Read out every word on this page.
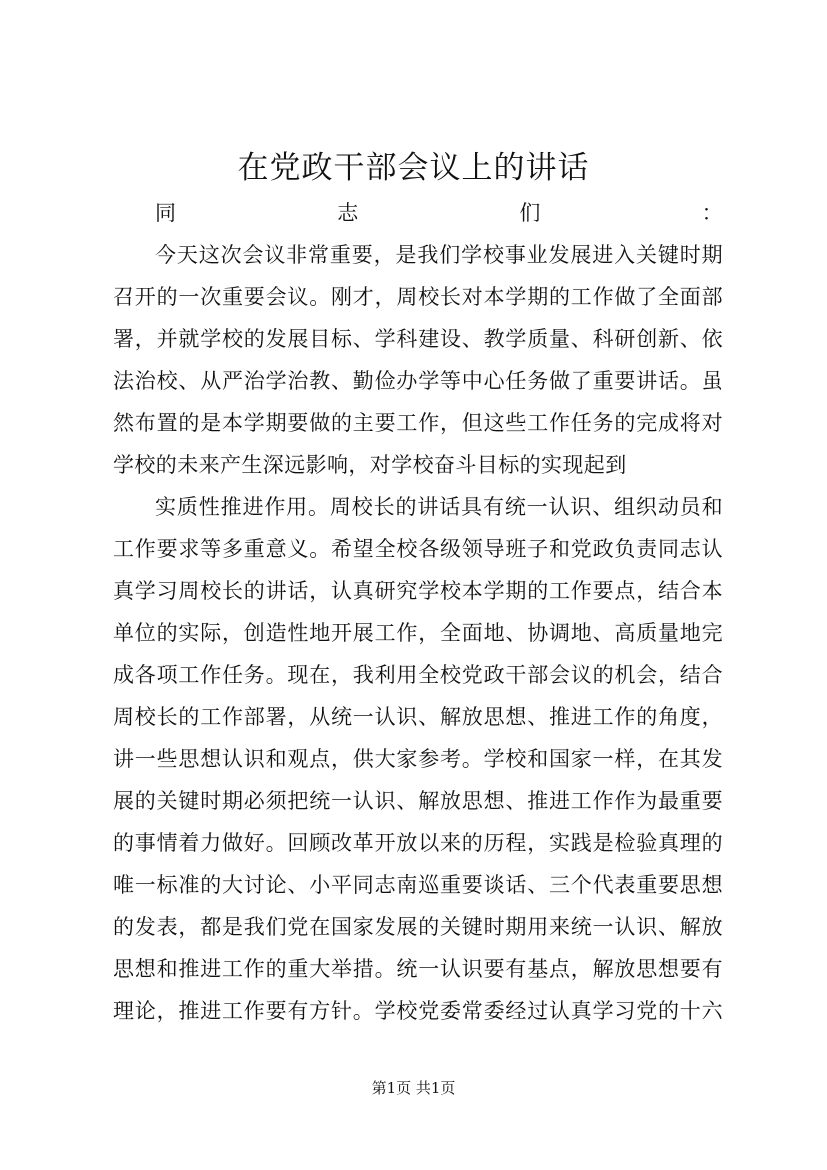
在党政干部会议上的讲话
同志们：
今天这次会议非常重要，是我们学校事业发展进入关键时期
召开的一次重要会议。刚才，周校长对本学期的工作做了全面部
署，并就学校的发展目标、学科建设、教学质量、科研创新、依
法治校、从严治学治教、勤俭办学等中心任务做了重要讲话。虽
然布置的是本学期要做的主要工作，但这些工作任务的完成将对
学校的未来产生深远影响，对学校奋斗目标的实现起到
实质性推进作用。周校长的讲话具有统一认识、组织动员和
工作要求等多重意义。希望全校各级领导班子和党政负责同志认
真学习周校长的讲话，认真研究学校本学期的工作要点，结合本
单位的实际，创造性地开展工作，全面地、协调地、高质量地完
成各项工作任务。现在，我利用全校党政干部会议的机会，结合
周校长的工作部署，从统一认识、解放思想、推进工作的角度，
讲一些思想认识和观点，供大家参考。学校和国家一样，在其发
展的关键时期必须把统一认识、解放思想、推进工作作为最重要
的事情着力做好。回顾改革开放以来的历程，实践是检验真理的
唯一标准的大讨论、小平同志南巡重要谈话、三个代表重要思想
的发表，都是我们党在国家发展的关键时期用来统一认识、解放
思想和推进工作的重大举措。统一认识要有基点，解放思想要有
理论，推进工作要有方针。学校党委常委经过认真学习党的十六
第1页 共1页
